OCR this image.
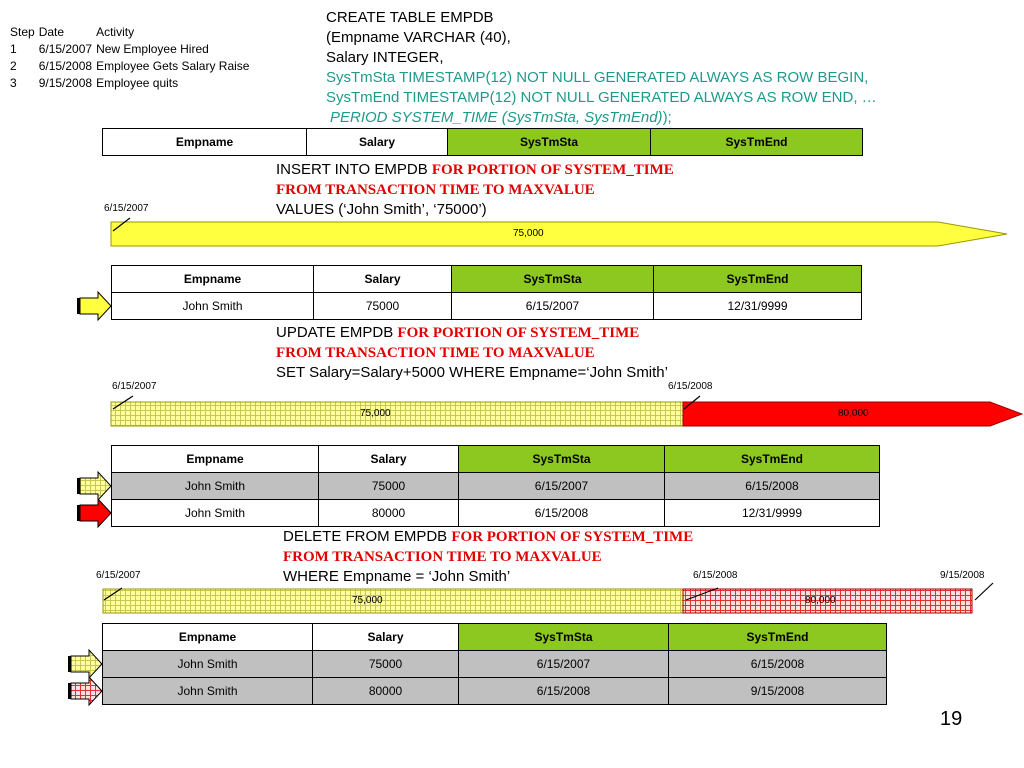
6/15/2007
75,000
6/15/2007	6/15/2008
75,000	80,000
6/15/2007	6/15/2008	9/15/2008
75,000	80,000
Step	Date	Activity
1	6/15/2007	New Employee Hired
2	6/15/2008	Employee Gets Salary Raise
3	9/15/2008	Employee quits
CREATE TABLE EMPDB
(Empname VARCHAR (40),
Salary INTEGER,
SysTmSta TIMESTAMP(12) NOT NULL GENERATED ALWAYS AS ROW BEGIN,
SysTmEnd TIMESTAMP(12) NOT NULL GENERATED ALWAYS AS ROW END, …
PERIOD SYSTEM_TIME (SysTmSta, SysTmEnd));
Empname	Salary	SysTmSta	SysTmEnd
INSERT INTO EMPDB FOR PORTION OF SYSTEM_TIME
FROM TRANSACTION TIME TO MAXVALUE
VALUES (‘John Smith’, ‘75000’)
Empname	Salary	SysTmSta	SysTmEnd
John Smith	75000	6/15/2007	12/31/9999
UPDATE EMPDB FOR PORTION OF SYSTEM_TIME
FROM TRANSACTION TIME TO MAXVALUE
SET Salary=Salary+5000 WHERE Empname=‘John Smith’
Empname	Salary	SysTmSta	SysTmEnd
John Smith	75000	6/15/2007	6/15/2008
John Smith	80000	6/15/2008	12/31/9999
DELETE FROM EMPDB FOR PORTION OF SYSTEM_TIME
FROM TRANSACTION TIME TO MAXVALUE
WHERE Empname = ‘John Smith’
Empname	Salary	SysTmSta	SysTmEnd
John Smith	75000	6/15/2007	6/15/2008
John Smith	80000	6/15/2008	9/15/2008
19
